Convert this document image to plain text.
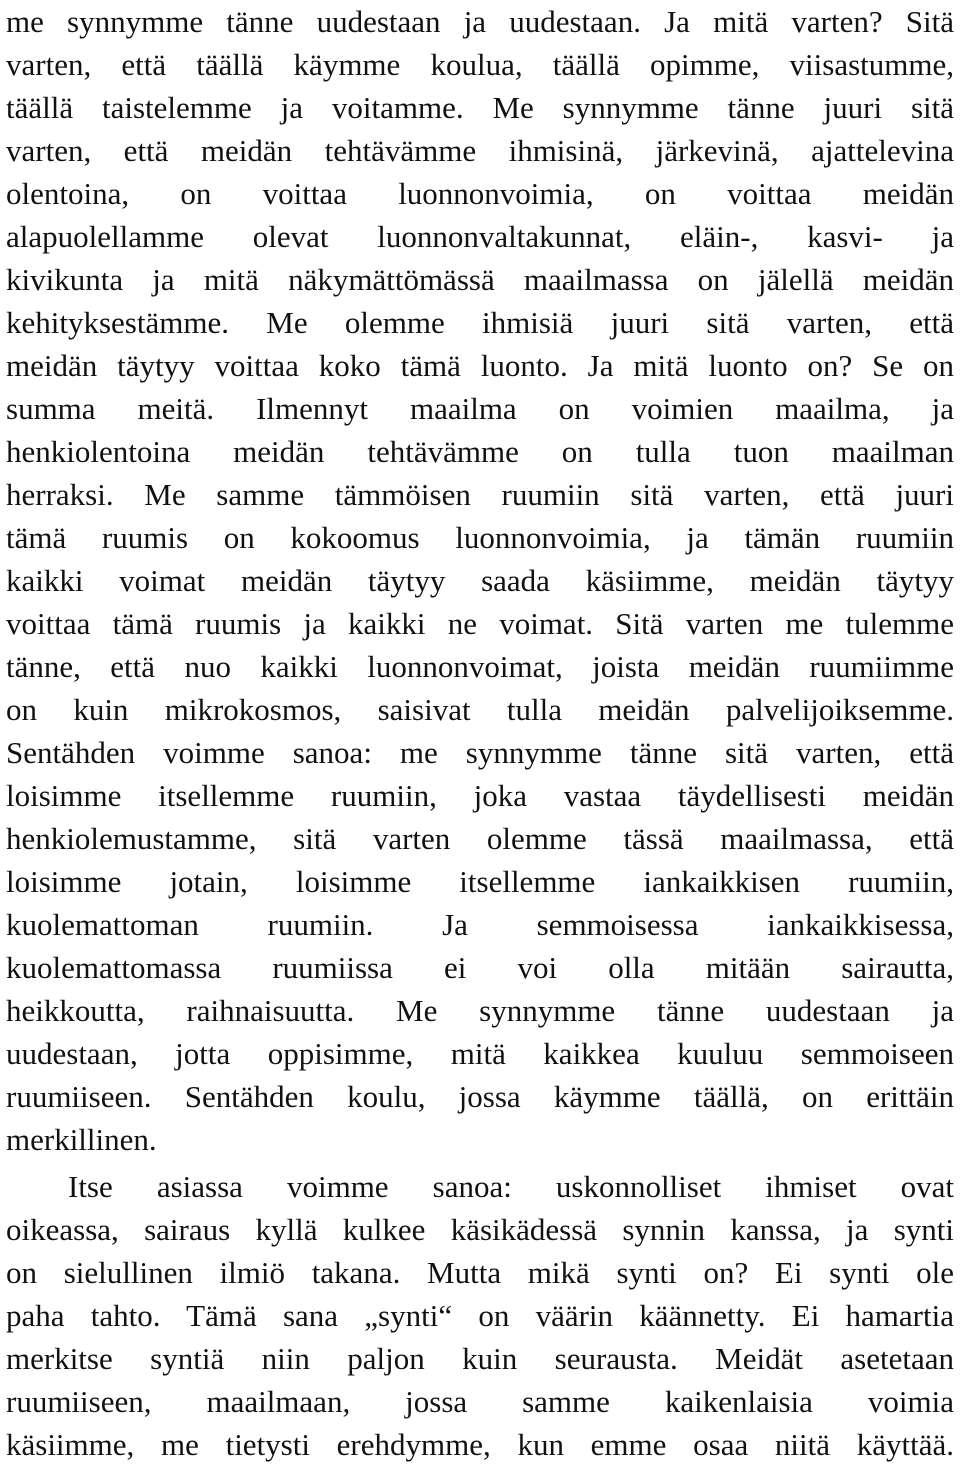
me synnymme tänne uudestaan ja uudestaan. Ja mitä varten? Sitä
varten, että täällä käymme koulua, täällä opimme, viisastumme,
täällä taistelemme ja voitamme. Me synnymme tänne juuri sitä
varten, että meidän tehtävämme ihmisinä, järkevinä, ajattelevina
olentoina, on voittaa luonnonvoimia, on voittaa meidän
alapuolellamme olevat luonnonvaltakunnat, eläin-, kasvi- ja
kivikunta ja mitä näkymättömässä maailmassa on jälellä meidän
kehityksestämme. Me olemme ihmisiä juuri sitä varten, että
meidän täytyy voittaa koko tämä luonto. Ja mitä luonto on? Se on
summa meitä. Ilmennyt maailma on voimien maailma, ja
henkiolentoina meidän tehtävämme on tulla tuon maailman
herraksi. Me samme tämmöisen ruumiin sitä varten, että juuri
tämä ruumis on kokoomus luonnonvoimia, ja tämän ruumiin
kaikki voimat meidän täytyy saada käsiimme, meidän täytyy
voittaa tämä ruumis ja kaikki ne voimat. Sitä varten me tulemme
tänne, että nuo kaikki luonnonvoimat, joista meidän ruumiimme
on kuin mikrokosmos, saisivat tulla meidän palvelijoiksemme.
Sentähden voimme sanoa: me synnymme tänne sitä varten, että
loisimme itsellemme ruumiin, joka vastaa täydellisesti meidän
henkiolemustamme, sitä varten olemme tässä maailmassa, että
loisimme jotain, loisimme itsellemme iankaikkisen ruumiin,
kuolemattoman ruumiin. Ja semmoisessa iankaikkisessa,
kuolemattomassa ruumiissa ei voi olla mitään sairautta,
heikkoutta, raihnaisuutta. Me synnymme tänne uudestaan ja
uudestaan, jotta oppisimme, mitä kaikkea kuuluu semmoiseen
ruumiiseen. Sentähden koulu, jossa käymme täällä, on erittäin
merkillinen.
Itse asiassa voimme sanoa: uskonnolliset ihmiset ovat
oikeassa, sairaus kyllä kulkee käsikädessä synnin kanssa, ja synti
on sielullinen ilmiö takana. Mutta mikä synti on? Ei synti ole
paha tahto. Tämä sana „synti“ on väärin käännetty. Ei hamartia
merkitse syntiä niin paljon kuin seurausta. Meidät asetetaan
ruumiiseen, maailmaan, jossa samme kaikenlaisia voimia
käsiimme, me tietysti erehdymme, kun emme osaa niitä käyttää.
